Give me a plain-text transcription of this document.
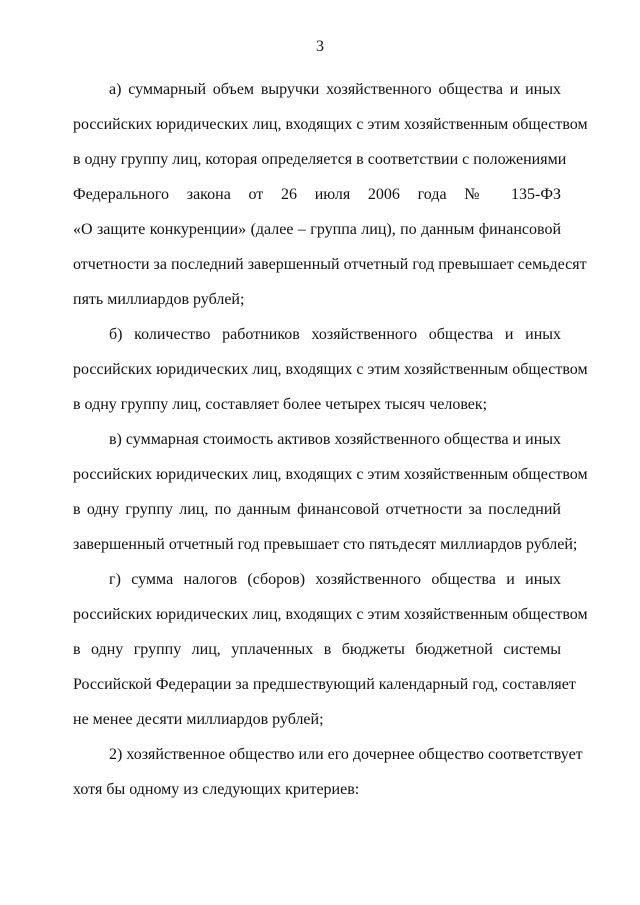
3

а) суммарный объем выручки хозяйственного общества и иных
российских юридических лиц, входящих с этим хозяйственным обществом
в одну группу лиц, которая определяется в соответствии с положениями
Федерального закона от 26 июля 2006 года № 135-ФЗ
«О защите конкуренции» (далее – группа лиц), по данным финансовой
отчетности за последний завершенный отчетный год превышает семьдесят
пять миллиардов рублей;

б) количество работников хозяйственного общества и иных
российских юридических лиц, входящих с этим хозяйственным обществом
в одну группу лиц, составляет более четырех тысяч человек;

в) суммарная стоимость активов хозяйственного общества и иных
российских юридических лиц, входящих с этим хозяйственным обществом
в одну группу лиц, по данным финансовой отчетности за последний
завершенный отчетный год превышает сто пятьдесят миллиардов рублей;

г) сумма налогов (сборов) хозяйственного общества и иных
российских юридических лиц, входящих с этим хозяйственным обществом
в одну группу лиц, уплаченных в бюджеты бюджетной системы
Российской Федерации за предшествующий календарный год, составляет
не менее десяти миллиардов рублей;

2) хозяйственное общество или его дочернее общество соответствует
хотя бы одному из следующих критериев:
